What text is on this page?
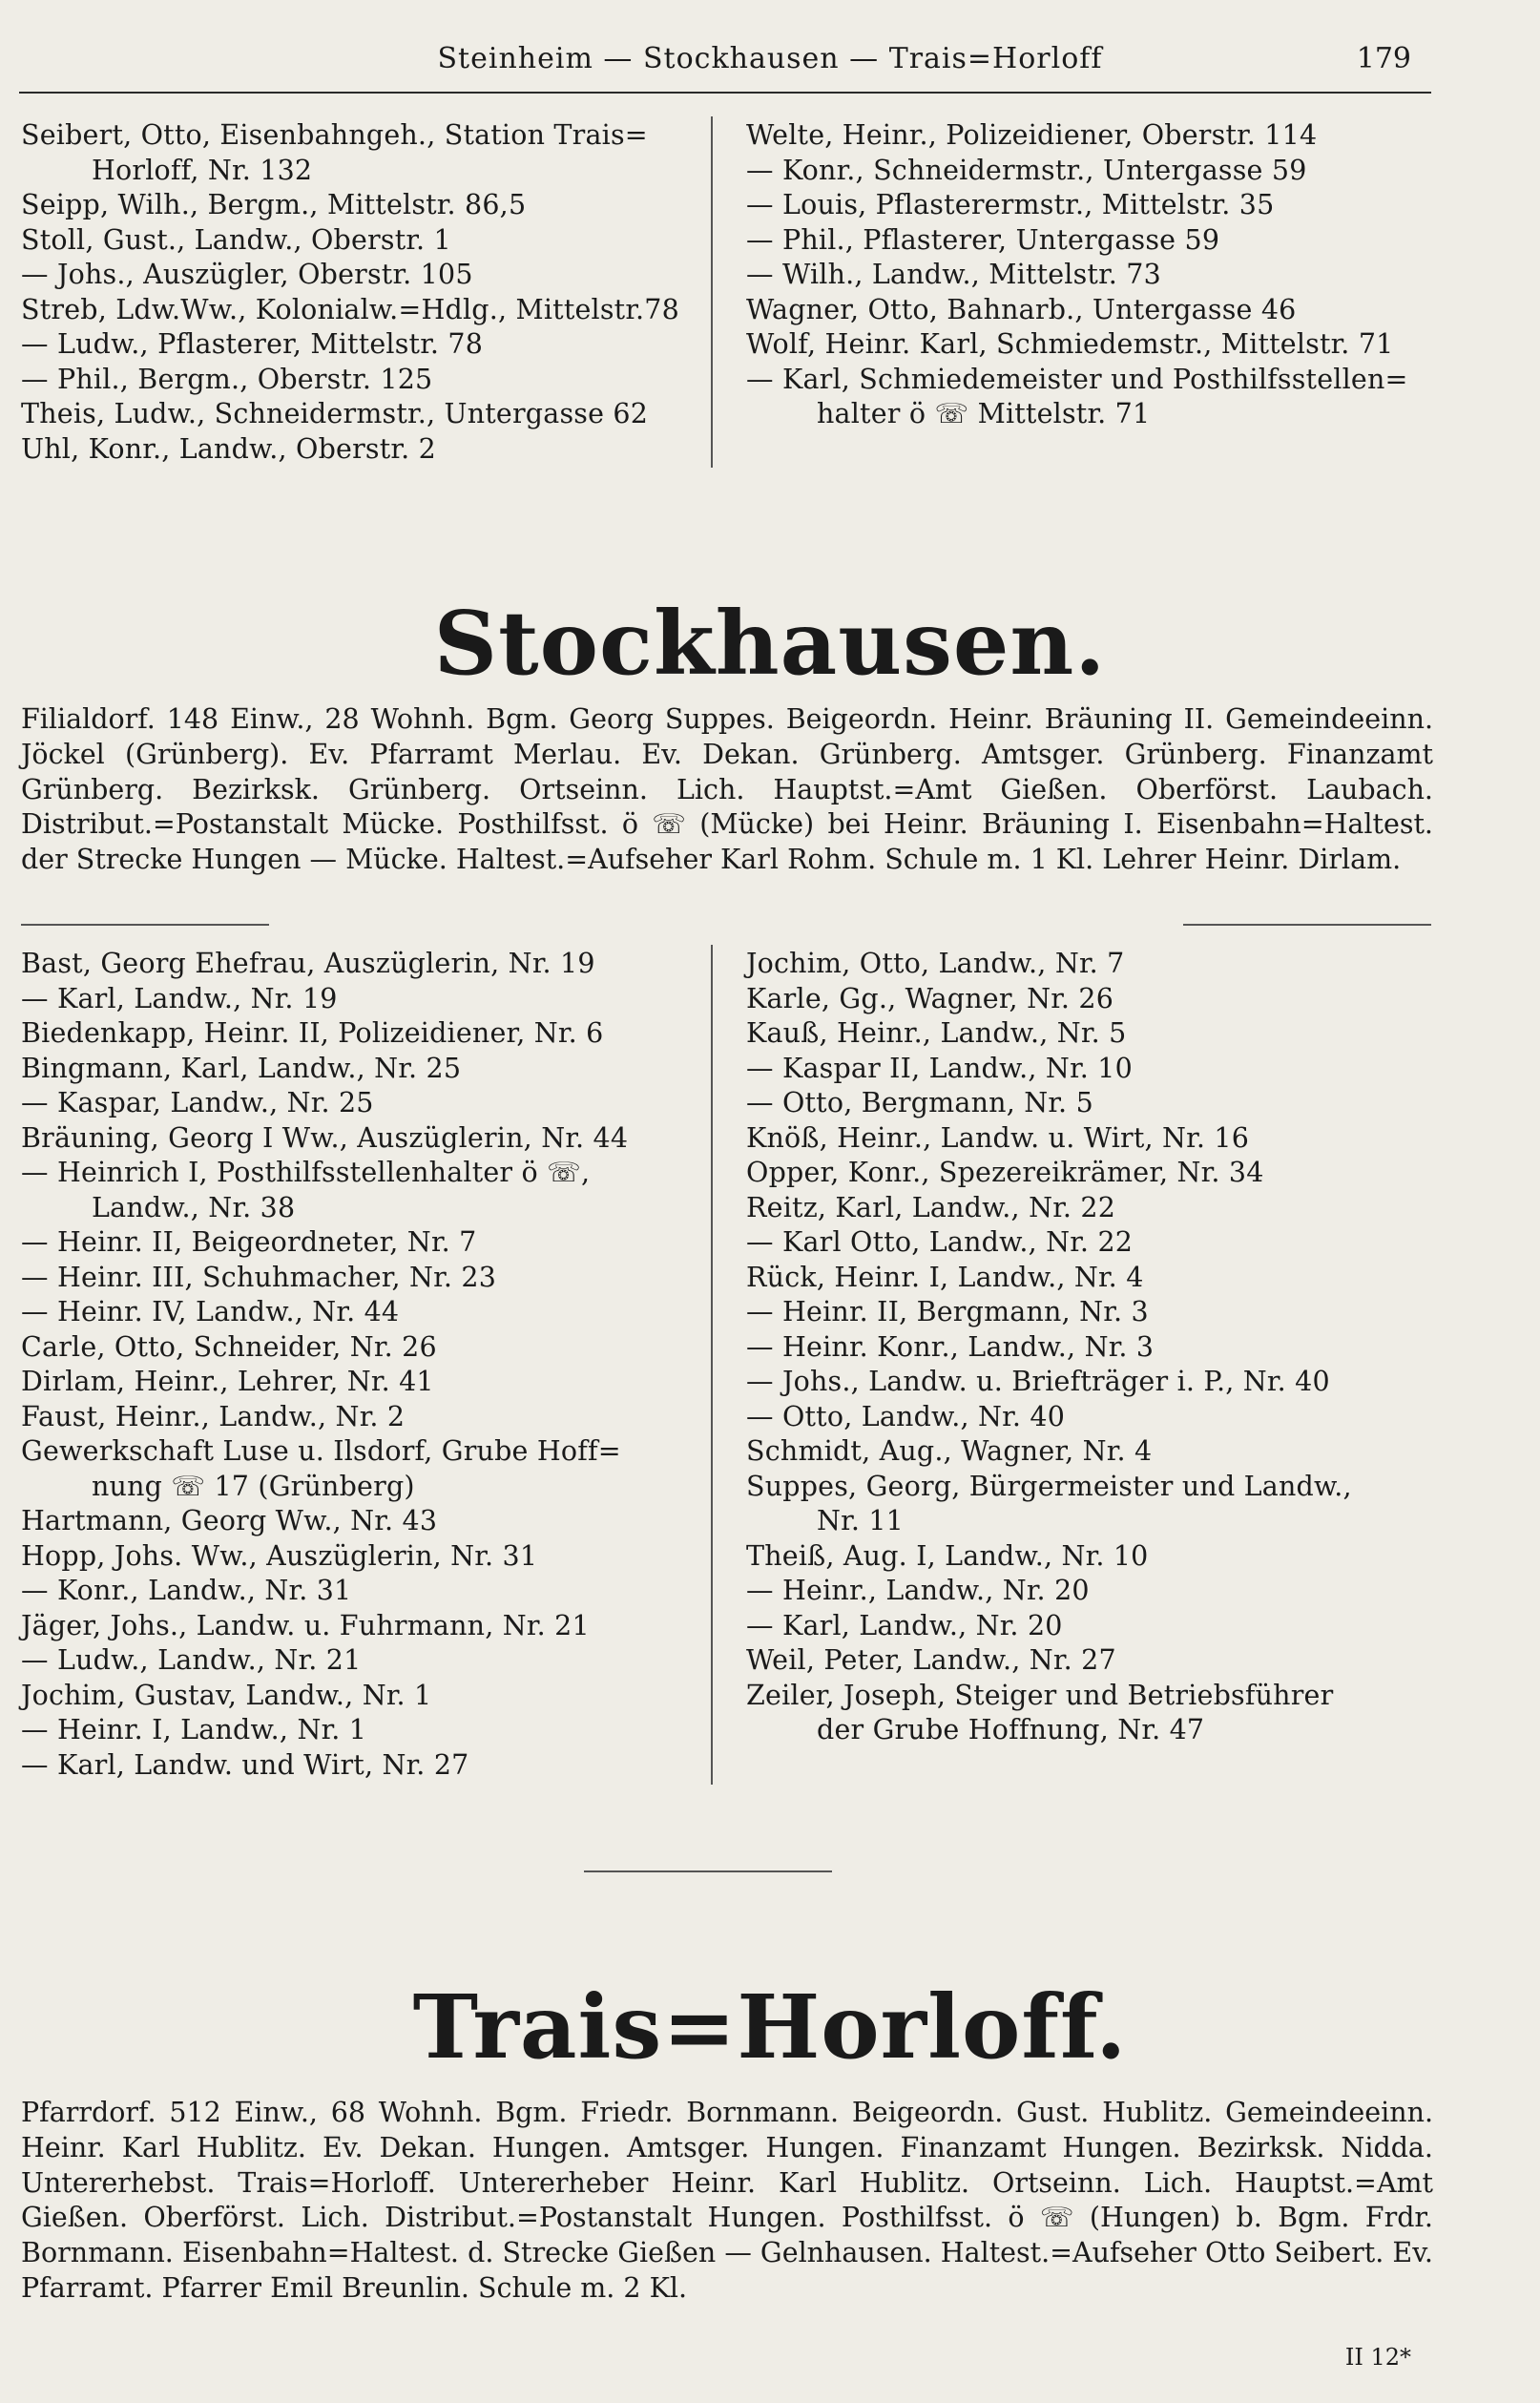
Steinheim — Stockhausen — Trais=Horloff	179
Seibert, Otto, Eisenbahngeh., Station Trais=
Horloff, Nr. 132
Seipp, Wilh., Bergm., Mittelstr. 86,5
Stoll, Gust., Landw., Oberstr. 1
— Johs., Auszügler, Oberstr. 105
Streb, Ldw.Ww., Kolonialw.=Hdlg., Mittelstr.78
— Ludw., Pflasterer, Mittelstr. 78
— Phil., Bergm., Oberstr. 125
Theis, Ludw., Schneidermstr., Untergasse 62
Uhl, Konr., Landw., Oberstr. 2
Welte, Heinr., Polizeidiener, Oberstr. 114
— Konr., Schneidermstr., Untergasse 59
— Louis, Pflasterermstr., Mittelstr. 35
— Phil., Pflasterer, Untergasse 59
— Wilh., Landw., Mittelstr. 73
Wagner, Otto, Bahnarb., Untergasse 46
Wolf, Heinr. Karl, Schmiedemstr., Mittelstr. 71
— Karl, Schmiedemeister und Posthilfsstellen=
halter ö ☏ Mittelstr. 71
Stockhausen.

Filialdorf. 148 Einw., 28 Wohnh. Bgm. Georg Suppes. Beigeordn. Heinr. Bräuning II. Gemeindeeinn. Jöckel (Grünberg). Ev. Pfarramt Merlau. Ev. Dekan. Grünberg. Amtsger. Grünberg. Finanzamt Grünberg. Bezirksk. Grünberg. Ortseinn. Lich. Hauptst.=Amt Gießen. Oberförst. Laubach. Distribut.=Postanstalt Mücke. Posthilfsst. ö ☏ (Mücke) bei Heinr. Bräuning I. Eisenbahn=Haltest. der Strecke Hungen — Mücke. Haltest.=Aufseher Karl Rohm. Schule m. 1 Kl. Lehrer Heinr. Dirlam.

Bast, Georg Ehefrau, Auszüglerin, Nr. 19
— Karl, Landw., Nr. 19
Biedenkapp, Heinr. II, Polizeidiener, Nr. 6
Bingmann, Karl, Landw., Nr. 25
— Kaspar, Landw., Nr. 25
Bräuning, Georg I Ww., Auszüglerin, Nr. 44
— Heinrich I, Posthilfsstellenhalter ö ☏,
Landw., Nr. 38
— Heinr. II, Beigeordneter, Nr. 7
— Heinr. III, Schuhmacher, Nr. 23
— Heinr. IV, Landw., Nr. 44
Carle, Otto, Schneider, Nr. 26
Dirlam, Heinr., Lehrer, Nr. 41
Faust, Heinr., Landw., Nr. 2
Gewerkschaft Luse u. Ilsdorf, Grube Hoff=
nung ☏ 17 (Grünberg)
Hartmann, Georg Ww., Nr. 43
Hopp, Johs. Ww., Auszüglerin, Nr. 31
— Konr., Landw., Nr. 31
Jäger, Johs., Landw. u. Fuhrmann, Nr. 21
— Ludw., Landw., Nr. 21
Jochim, Gustav, Landw., Nr. 1
— Heinr. I, Landw., Nr. 1
— Karl, Landw. und Wirt, Nr. 27
Jochim, Otto, Landw., Nr. 7
Karle, Gg., Wagner, Nr. 26
Kauß, Heinr., Landw., Nr. 5
— Kaspar II, Landw., Nr. 10
— Otto, Bergmann, Nr. 5
Knöß, Heinr., Landw. u. Wirt, Nr. 16
Opper, Konr., Spezereikrämer, Nr. 34
Reitz, Karl, Landw., Nr. 22
— Karl Otto, Landw., Nr. 22
Rück, Heinr. I, Landw., Nr. 4
— Heinr. II, Bergmann, Nr. 3
— Heinr. Konr., Landw., Nr. 3
— Johs., Landw. u. Briefträger i. P., Nr. 40
— Otto, Landw., Nr. 40
Schmidt, Aug., Wagner, Nr. 4
Suppes, Georg, Bürgermeister und Landw.,
Nr. 11
Theiß, Aug. I, Landw., Nr. 10
— Heinr., Landw., Nr. 20
— Karl, Landw., Nr. 20
Weil, Peter, Landw., Nr. 27
Zeiler, Joseph, Steiger und Betriebsführer
der Grube Hoffnung, Nr. 47
Trais=Horloff.

Pfarrdorf. 512 Einw., 68 Wohnh. Bgm. Friedr. Bornmann. Beigeordn. Gust. Hublitz. Gemeindeeinn. Heinr. Karl Hublitz. Ev. Dekan. Hungen. Amtsger. Hungen. Finanzamt Hungen. Bezirksk. Nidda. Untererhebst. Trais=Horloff. Untererheber Heinr. Karl Hublitz. Ortseinn. Lich. Hauptst.=Amt Gießen. Oberförst. Lich. Distribut.=Postanstalt Hungen. Posthilfsst. ö ☏ (Hungen) b. Bgm. Frdr. Bornmann. Eisenbahn=Haltest. d. Strecke Gießen — Gelnhausen. Haltest.=Aufseher Otto Seibert. Ev. Pfarramt. Pfarrer Emil Breunlin. Schule m. 2 Kl.

II 12*
